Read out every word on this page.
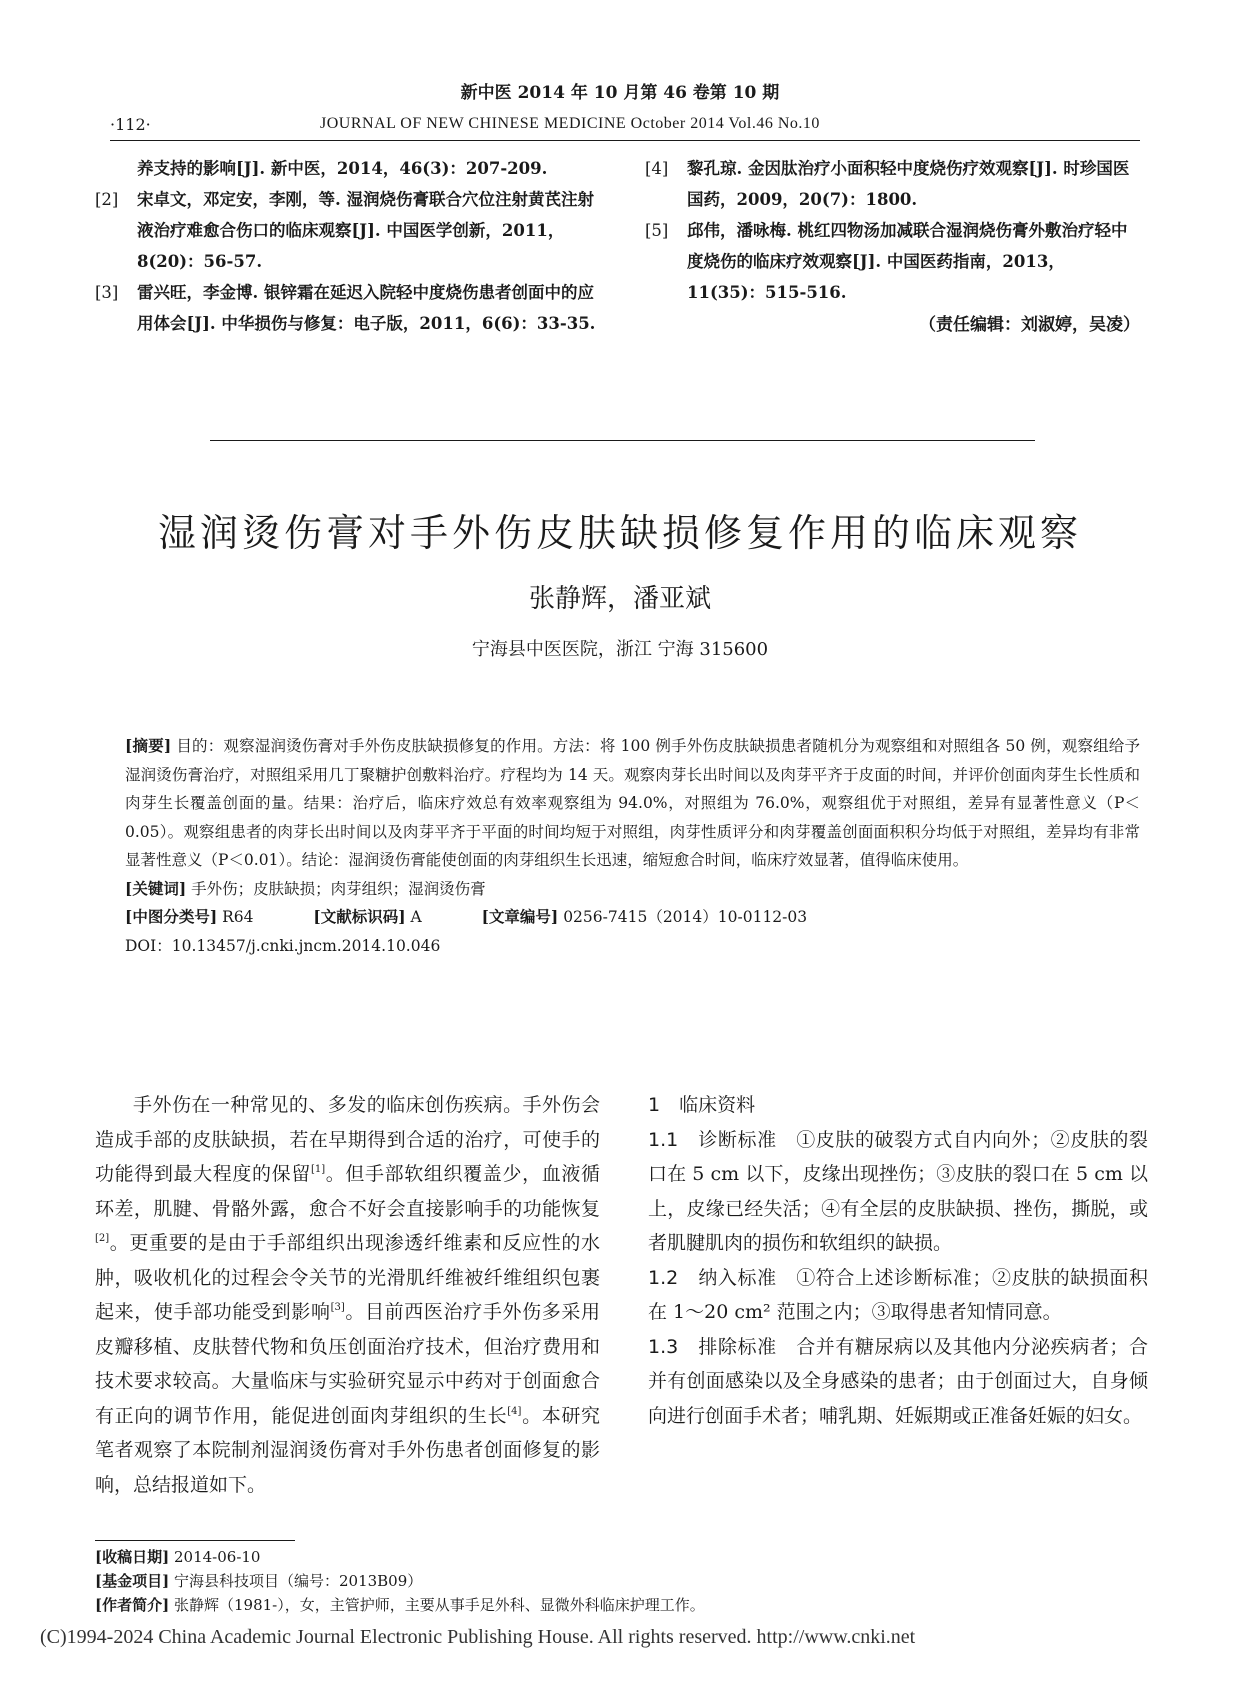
新中医 2014 年 10 月第 46 卷第 10 期
·112·	JOURNAL OF NEW CHINESE MEDICINE October 2014 Vol.46 No.10
养支持的影响[J]. 新中医，2014，46(3)：207-209.
[2] 宋卓文，邓定安，李刚，等. 湿润烧伤膏联合穴位注射黄芪注射液治疗难愈合伤口的临床观察[J]. 中国医学创新，2011，8(20)：56-57.
[3] 雷兴旺，李金博. 银锌霜在延迟入院轻中度烧伤患者创面中的应用体会[J]. 中华损伤与修复：电子版，2011，6(6)：33-35.
[4] 黎孔琼. 金因肽治疗小面积轻中度烧伤疗效观察[J]. 时珍国医国药，2009，20(7)：1800.
[5] 邱伟，潘咏梅. 桃红四物汤加减联合湿润烧伤膏外敷治疗轻中度烧伤的临床疗效观察[J]. 中国医药指南，2013，11(35)：515-516.
（责任编辑：刘淑婷，吴凌）
湿润烫伤膏对手外伤皮肤缺损修复作用的临床观察
张静辉，潘亚斌
宁海县中医医院，浙江 宁海 315600

[摘要] 目的：观察湿润烫伤膏对手外伤皮肤缺损修复的作用。方法：将 100 例手外伤皮肤缺损患者随机分为观察组和对照组各 50 例，观察组给予湿润烫伤膏治疗，对照组采用几丁聚糖护创敷料治疗。疗程均为 14 天。观察肉芽长出时间以及肉芽平齐于皮面的时间，并评价创面肉芽生长性质和肉芽生长覆盖创面的量。结果：治疗后，临床疗效总有效率观察组为 94.0%，对照组为 76.0%，观察组优于对照组，差异有显著性意义（P＜0.05）。观察组患者的肉芽长出时间以及肉芽平齐于平面的时间均短于对照组，肉芽性质评分和肉芽覆盖创面面积积分均低于对照组，差异均有非常显著性意义（P＜0.01）。结论：湿润烫伤膏能使创面的肉芽组织生长迅速，缩短愈合时间，临床疗效显著，值得临床使用。

[关键词] 手外伤；皮肤缺损；肉芽组织；湿润烫伤膏

[中图分类号] R64	[文献标识码] A	[文章编号] 0256-7415（2014）10-0112-03

DOI：10.13457/j.cnki.jncm.2014.10.046

手外伤在一种常见的、多发的临床创伤疾病。手外伤会造成手部的皮肤缺损，若在早期得到合适的治疗，可使手的功能得到最大程度的保留[1]。但手部软组织覆盖少，血液循环差，肌腱、骨骼外露，愈合不好会直接影响手的功能恢复[2]。更重要的是由于手部组织出现渗透纤维素和反应性的水肿，吸收机化的过程会令关节的光滑肌纤维被纤维组织包裹起来，使手部功能受到影响[3]。目前西医治疗手外伤多采用皮瓣移植、皮肤替代物和负压创面治疗技术，但治疗费用和技术要求较高。大量临床与实验研究显示中药对于创面愈合有正向的调节作用，能促进创面肉芽组织的生长[4]。本研究笔者观察了本院制剂湿润烫伤膏对手外伤患者创面修复的影响，总结报道如下。

1　临床资料

1.1　诊断标准　 ①皮肤的破裂方式自内向外；②皮肤的裂口在 5 cm 以下，皮缘出现挫伤；③皮肤的裂口在 5 cm 以上，皮缘已经失活；④有全层的皮肤缺损、挫伤，撕脱，或者肌腱肌肉的损伤和软组织的缺损。

1.2　纳入标准　 ①符合上述诊断标准；②皮肤的缺损面积在 1～20 cm² 范围之内；③取得患者知情同意。

1.3　排除标准　 合并有糖尿病以及其他内分泌疾病者；合并有创面感染以及全身感染的患者；由于创面过大，自身倾向进行创面手术者；哺乳期、妊娠期或正准备妊娠的妇女。

[收稿日期] 2014-06-10

[基金项目] 宁海县科技项目（编号：2013B09）

[作者简介] 张静辉（1981-），女，主管护师，主要从事手足外科、显微外科临床护理工作。

(C)1994-2024 China Academic Journal Electronic Publishing House. All rights reserved. http://www.cnki.net
